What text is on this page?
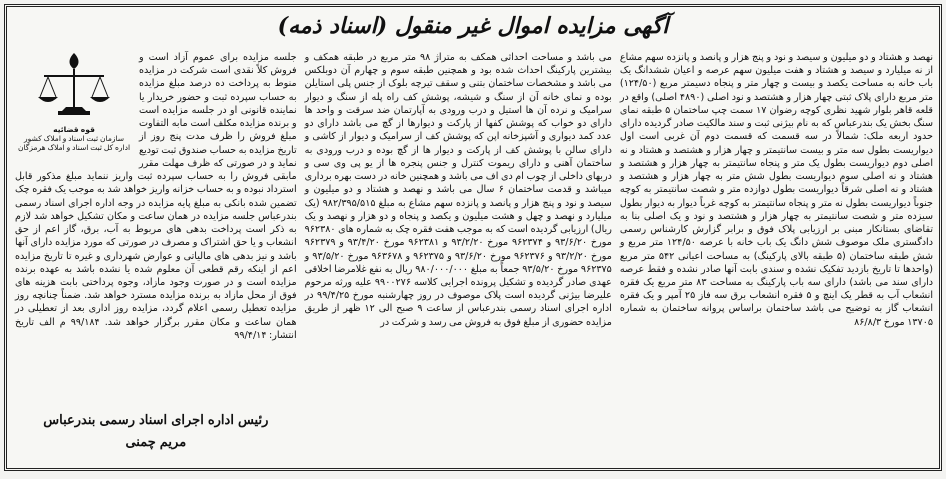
آگهی مزایده اموال غیر منقول (اسناد ذمه)
نهصد و هشتاد و دو میلیون و سیصد و نود و پنج هزار و پانصد و پانزده سهم مشاع از نه میلیارد و سیصد و هشتاد و هفت میلیون سهم عرصه و اعیان ششدانگ یک باب خانه به مساحت یکصد و بیست و چهار متر و پنجاه دسیمتر مربع (۱۲۴/۵۰) متر مربع دارای پلاک ثبتی چهار هزار و هشتصد و نود اصلی (۴۸۹۰ اصلی) واقع در قلعه قاهر بلوار شهید نظری کوچه رضوان ۱۷ سمت چپ ساختمان ۵ طبقه نمای سنگ بخش یک بندرعباس که به نام بیژنی ثبت و سند مالکیت صادر گردیده دارای حدود اربعه ملک: شمالاً در سه قسمت که قسمت دوم آن غربی است اول دیواریست بطول سه متر و بیست سانتیمتر و چهار هزار و هشتصد و هشتاد و نه اصلی دوم دیواریست بطول یک متر و پنجاه سانتیمتر به چهار هزار و هشتصد و هشتاد و نه اصلی سوم دیواریست بطول شش متر به چهار هزار و هشتصد و هشتاد و نه اصلی شرقاً دیواریست بطول دوازده متر و شصت سانتیمتر به کوچه جنوباً دیواریست بطول نه متر و پنجاه سانتیمتر به کوچه غرباً دیوار به دیوار بطول سیزده متر و شصت سانتیمتر به چهار هزار و هشتصد و نود و یک اصلی بنا به تقاضای بستانکار مبنی بر ارزیابی پلاک فوق و برابر گزارش کارشناس رسمی دادگستری ملک موصوف شش دانگ یک باب خانه با عرصه ۱۲۴/۵۰ متر مربع و شش طبقه ساختمان (۵ طبقه بالای پارکینگ) به مساحت اعیانی ۵۴۲ متر مربع (واحدها تا تاریخ بازدید تفکیک نشده و سندی بابت آنها صادر نشده و فقط عرصه دارای سند می باشد) دارای سه باب پارکینگ به مساحت ۸۳ متر مربع یک فقره انشعاب آب به قطر یک اینچ و ۵ فقره انشعاب برق سه فاز ۲۵ آمپر و یک فقره انشعاب گاز به توضیح می باشد ساختمان براساس پروانه ساختمان به شماره ۱۳۷۰۵ مورخ ۸۶/۸/۳
می باشد و مساحت احداثی همکف به متراژ ۹۸ متر مربع در طبقه همکف و بیشترین پارکینگ احداث شده بود و همچنین طبقه سوم و چهارم آن دوبلکس می باشد و مشخصات ساختمان بتنی و سقف تیرچه بلوک از جنس پلی استایلن بوده و نمای خانه آن از سنگ و شیشه، پوشش کف راه پله از سنگ و دیوار سرامیک و نرده آن ها استیل و درب ورودی به آپارتمان ضد سرقت و واحد ها دارای دو خواب که پوشش کفها از پارکت و دیوارها از گچ می باشد دارای دو عدد کمد دیواری و آشپزخانه اپن که پوشش کف از سرامیک و دیوار از کاشی و دارای سالن با پوشش کف از پارکت و دیوار ها از گچ بوده و درب ورودی به ساختمان آهنی و دارای ریموت کنترل و جنس پنجره ها از یو پی وی سی و دربهای داخلی از چوب ام دی اف می باشد و همچنین خانه در دست بهره برداری میباشد و قدمت ساختمان ۶ سال می باشد و نهصد و هشتاد و دو میلیون و سیصد و نود و پنج هزار و پانصد و پانزده سهم مشاع به مبلغ ۹۸۲/۳۹۵/۵۱۵ (یک میلیارد و نهصد و چهل و هشت میلیون و یکصد و پنجاه و دو هزار و نهصد و یک ریال) ارزیابی گردیده است که به موجب هفت فقره چک به شماره های ۹۶۲۳۸۰ مورخ ۹۳/۶/۲۰ و ۹۶۲۳۷۴ مورخ ۹۳/۲/۲۰ و ۹۶۲۳۸۱ مورخ ۹۳/۴/۲۰ و ۹۶۲۳۷۹ مورخ ۹۳/۲/۲۰ و ۹۶۲۳۷۶ مورخ ۹۳/۶/۲۰ و ۹۶۲۳۷۵ و ۹۶۳۶۷۸ مورخ ۹۳/۵/۲۰ و ۹۶۲۳۷۵ مورخ ۹۳/۵/۲۰ جمعاً به مبلغ ۹۸۰/۰۰۰/۰۰۰ ریال به نفع غلامرضا اخلاقی عهدی صادر گردیده و تشکیل پرونده اجرایی کلاسه ۹۹۰۰۲۷۶ علیه ورثه مرحوم علیرضا بیژنی گردیده است پلاک موصوف در روز چهارشنبه مورخ ۹۹/۴/۲۵ در اداره اجرای اسناد رسمی بندرعباس از ساعت ۹ صبح الی ۱۲ ظهر از طریق مزایده حضوری از مبلغ فوق به فروش می رسد و شرکت در
قوه قضائیه
سازمان ثبت اسناد و املاک کشور
اداره کل ثبت اسناد و املاک هرمزگان
جلسه مزایده برای عموم آزاد است و فروش کلاً نقدی است شرکت در مزایده منوط به پرداخت ده درصد مبلغ مزایده به حساب سپرده ثبت و حضور خریدار یا نماینده قانونی او در جلسه مزایده است و برنده مزایده مکلف است مابه التفاوت مبلغ فروش را ظرف مدت پنج روز از تاریخ مزایده به حساب صندوق ثبت تودیع نماید و در صورتی که ظرف مهلت مقرر مابقی فروش را به حساب سپرده ثبت واریز ننماید مبلغ مذکور قابل استرداد نبوده و به حساب خزانه واریز خواهد شد به موجب یک فقره چک تضمین شده بانکی به مبلغ پایه مزایده در وجه اداره اجرای اسناد رسمی بندرعباس جلسه مزایده در همان ساعت و مکان تشکیل خواهد شد لازم به ذکر است پرداخت بدهی های مربوط به آب، برق، گاز اعم از حق انشعاب و یا حق اشتراک و مصرف در صورتی که مورد مزایده دارای آنها باشد و نیز بدهی های مالیاتی و عوارض شهرداری و غیره تا تاریخ مزایده اعم از اینکه رقم قطعی آن معلوم شده یا نشده باشد به عهده برنده مزایده است و در صورت وجود مازاد، وجوه پرداختی بابت هزینه های فوق از محل مازاد به برنده مزایده مسترد خواهد شد. ضمناً چنانچه روز مزایده تعطیل رسمی اعلام گردد، مزایده روز اداری بعد از تعطیلی در همان ساعت و مکان مقرر برگزار خواهد شد. ۹۹/۱۸۴ م الف تاریخ انتشار: ۹۹/۴/۱۴
رئیس اداره اجرای اسناد رسمی بندرعباس
مریم چمنی
